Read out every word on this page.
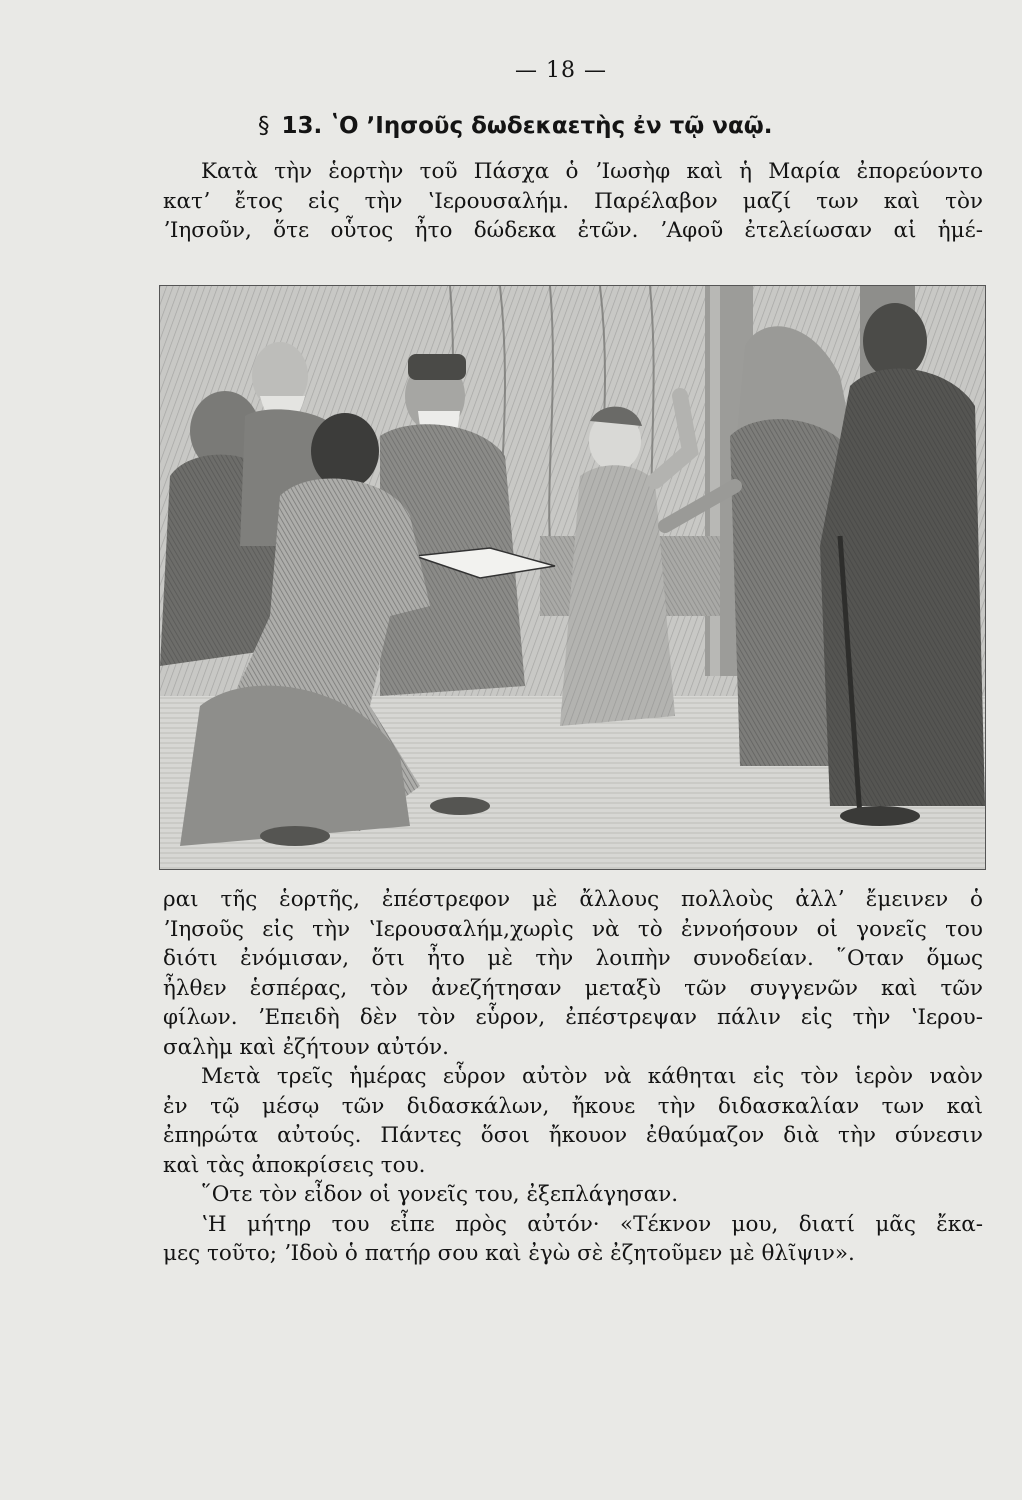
— 18 —
§ 13. ʽΟ ʼΙησοῦς δωδεκαετὴς ἐν τῷ ναῷ.
Κατὰ τὴν ἑορτὴν τοῦ Πάσχα ὁ ʼΙωσὴφ καὶ ἡ Μαρία ἐπορεύοντο
κατʼ ἔτος εἰς τὴν ʽΙερουσαλήμ. Παρέλαβον μαζί των καὶ τὸν
ʼΙησοῦν, ὅτε οὗτος ἦτο δώδεκα ἐτῶν. ʼΑφοῦ ἐτελείωσαν αἱ ἡμέ-
ραι τῆς ἑορτῆς, ἐπέστρεφον μὲ ἄλλους πολλοὺς ἀλλʼ ἔμεινεν ὁ
ʼΙησοῦς εἰς τὴν ʽΙερουσαλήμ,χωρὶς νὰ τὸ ἐννοήσουν οἱ γονεῖς του
διότι ἐνόμισαν, ὅτι ἦτο μὲ τὴν λοιπὴν συνοδείαν. ῞Οταν ὅμως
ἦλθεν ἑσπέρας, τὸν ἀνεζήτησαν μεταξὺ τῶν συγγενῶν καὶ τῶν
φίλων. ʼΕπειδὴ δὲν τὸν εὗρον, ἐπέστρεψαν πάλιν εἰς τὴν ʽΙερου-
σαλὴμ καὶ ἐζήτουν αὐτόν.
Μετὰ τρεῖς ἡμέρας εὗρον αὐτὸν νὰ κάθηται εἰς τὸν ἱερὸν ναὸν
ἐν τῷ μέσῳ τῶν διδασκάλων, ἤκουε τὴν διδασκαλίαν των καὶ
ἐπηρώτα αὐτούς. Πάντες ὅσοι ἤκουον ἐθαύμαζον διὰ τὴν σύνεσιν
καὶ τὰς ἀποκρίσεις του.
῞Οτε τὸν εἶδον οἱ γονεῖς του, ἐξεπλάγησαν.
ʽΗ μήτηρ του εἶπε πρὸς αὐτόν· «Τέκνον μου, διατί μᾶς ἔκα-
μες τοῦτο; ʼΙδοὺ ὁ πατήρ σου καὶ ἐγὼ σὲ ἐζητοῦμεν μὲ θλῖψιν».
